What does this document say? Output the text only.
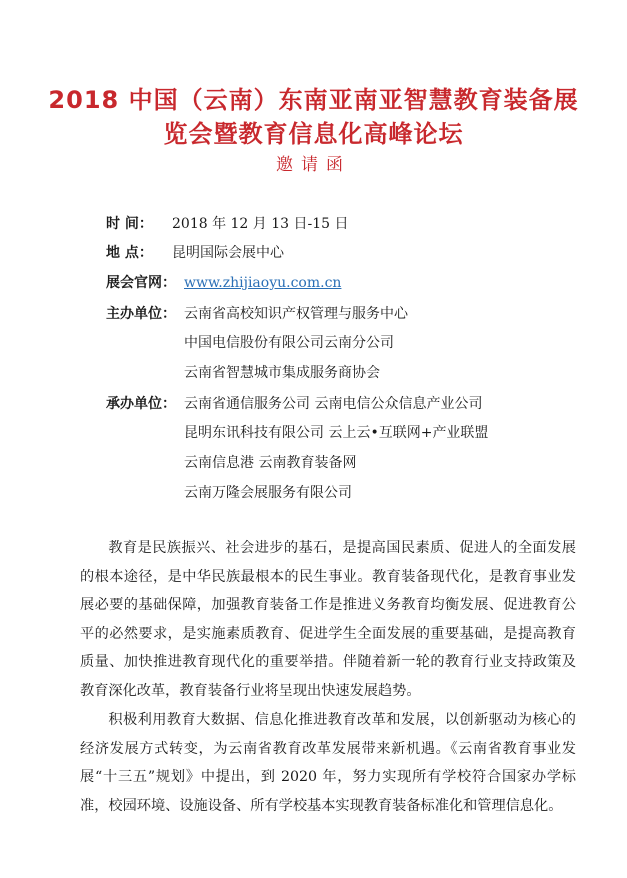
2018 中国（云南）东南亚南亚智慧教育装备展
览会暨教育信息化高峰论坛
邀请函
时 间： 2018 年 12 月 13 日-15 日
地 点： 昆明国际会展中心
展会官网： www.zhijiaoyu.com.cn
主办单位： 云南省高校知识产权管理与服务中心
中国电信股份有限公司云南分公司
云南省智慧城市集成服务商协会
承办单位： 云南省通信服务公司 云南电信公众信息产业公司
昆明东讯科技有限公司 云上云•互联网+产业联盟
云南信息港 云南教育装备网
云南万隆会展服务有限公司

教育是民族振兴、社会进步的基石，是提高国民素质、促进人的全面发展的根本途径，是中华民族最根本的民生事业。教育装备现代化，是教育事业发展必要的基础保障，加强教育装备工作是推进义务教育均衡发展、促进教育公平的必然要求，是实施素质教育、促进学生全面发展的重要基础，是提高教育质量、加快推进教育现代化的重要举措。伴随着新一轮的教育行业支持政策及教育深化改革，教育装备行业将呈现出快速发展趋势。

积极利用教育大数据、信息化推进教育改革和发展，以创新驱动为核心的经济发展方式转变，为云南省教育改革发展带来新机遇。《云南省教育事业发展“十三五”规划》中提出，到 2020 年，努力实现所有学校符合国家办学标准，校园环境、设施设备、所有学校基本实现教育装备标准化和管理信息化。
